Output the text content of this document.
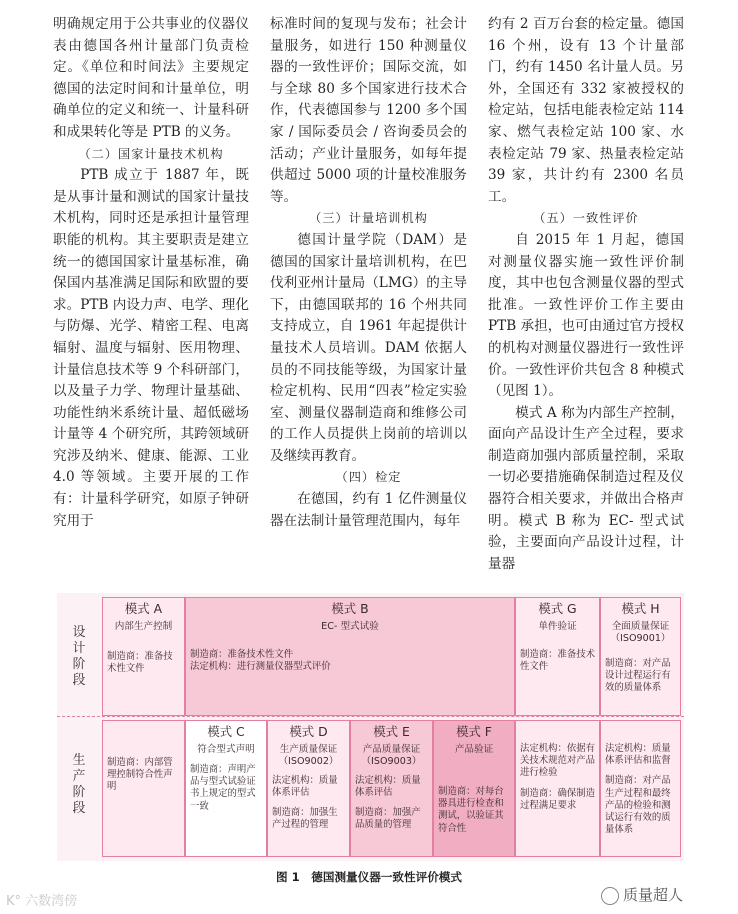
明确规定用于公共事业的仪器仪表由德国各州计量部门负责检定。《单位和时间法》主要规定德国的法定时间和计量单位，明确单位的定义和统一、计量科研和成果转化等是 PTB 的义务。

（二）国家计量技术机构

PTB 成立于 1887 年，既是从事计量和测试的国家计量技术机构，同时还是承担计量管理职能的机构。其主要职责是建立统一的德国国家计量基标准，确保国内基准满足国际和欧盟的要求。PTB 内设力声、电学、理化与防爆、光学、精密工程、电离辐射、温度与辐射、医用物理、计量信息技术等 9 个科研部门，以及量子力学、物理计量基础、功能性纳米系统计量、超低磁场计量等 4 个研究所，其跨领域研究涉及纳米、健康、能源、工业 4.0 等领域。主要开展的工作有：计量科学研究，如原子钟研究用于

标准时间的复现与发布；社会计量服务，如进行 150 种测量仪器的一致性评价；国际交流，如与全球 80 多个国家进行技术合作，代表德国参与 1200 多个国家 / 国际委员会 / 咨询委员会的活动；产业计量服务，如每年提供超过 5000 项的计量校准服务等。

（三）计量培训机构

德国计量学院（DAM）是德国的国家计量培训机构，在巴伐利亚州计量局（LMG）的主导下，由德国联邦的 16 个州共同支持成立，自 1961 年起提供计量技术人员培训。DAM 依据人员的不同技能等级，为国家计量检定机构、民用“四表”检定实验室、测量仪器制造商和维修公司的工作人员提供上岗前的培训以及继续再教育。

（四）检定

在德国，约有 1 亿件测量仪器在法制计量管理范围内，每年

约有 2 百万台套的检定量。德国 16 个州，设有 13 个计量部门，约有 1450 名计量人员。另外，全国还有 332 家被授权的检定站，包括电能表检定站 114 家、燃气表检定站 100 家、水表检定站 79 家、热量表检定站 39 家，共计约有 2300 名员工。

（五）一致性评价

自 2015 年 1 月起，德国对测量仪器实施一致性评价制度，其中也包含测量仪器的型式批准。一致性评价工作主要由 PTB 承担，也可由通过官方授权的机构对测量仪器进行一致性评价。一致性评价共包含 8 种模式（见图 1）。

模式 A 称为内部生产控制，面向产品设计生产全过程，要求制造商加强内部质量控制，采取一切必要措施确保制造过程及仪器符合相关要求，并做出合格声明。模式 B 称为 EC- 型式试验，主要面向产品设计过程，计量器

设计阶段
生产阶段
模式 A
内部生产控制
制造商：准备技术性文件
模式 B
EC- 型式试验
制造商：准备技术性文件
法定机构：进行测量仪器型式评价
模式 G
单件验证
制造商：准备技术性文件
模式 H
全面质量保证
（ISO9001）
制造商：对产品设计过程运行有效的质量体系
制造商：内部管理控制符合性声明
模式 C
符合型式声明
制造商：声明产品与型式试验证书上规定的型式一致
模式 D
生产质量保证
（ISO9002）
法定机构：质量体系评估
制造商：加强生产过程的管理
模式 E
产品质量保证
（ISO9003）
法定机构：质量体系评估
制造商：加强产品质量的管理
模式 F
产品验证
制造商：对每台器具进行检查和测试，以验证其符合性
法定机构：依据有关技术规范对产品进行检验
制造商：确保制造过程满足要求
法定机构：质量体系评估和监督
制造商：对产品生产过程和最终产品的检验和测试运行有效的质量体系
图 1　德国测量仪器一致性评价模式
K° 六数湾傍	质量超人
